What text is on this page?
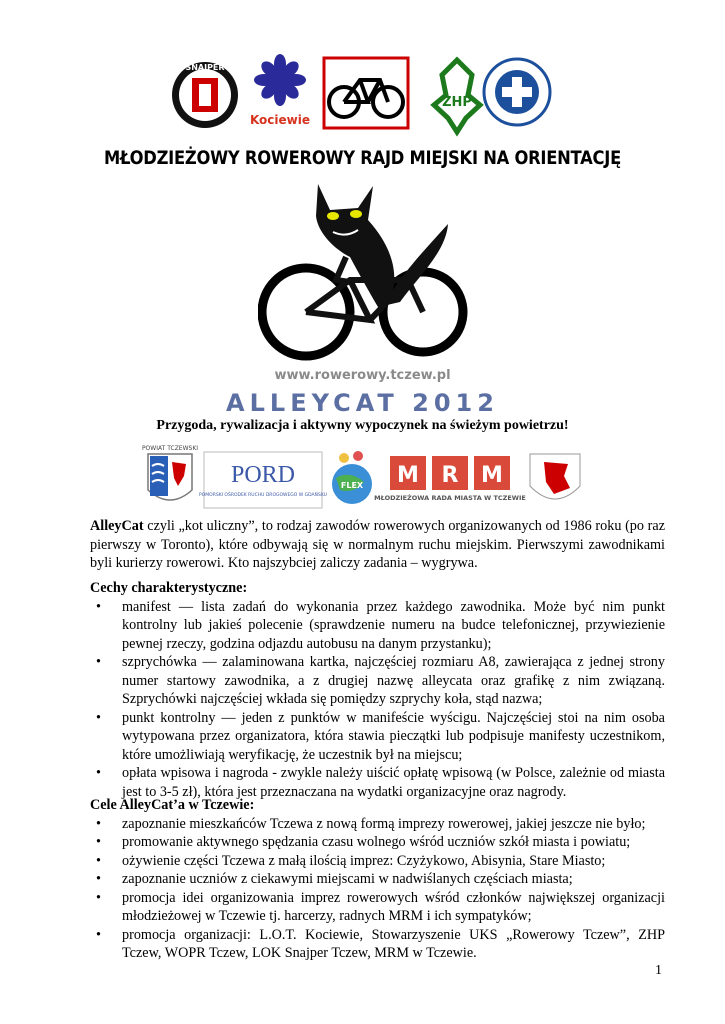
SNAJPER
Kociewie
ZHP
MŁODZIEŻOWY ROWEROWY RAJD MIEJSKI NA ORIENTACJĘ
www.rowerowy.tczew.pl
ALLEYCAT 2012
Przygoda, rywalizacja i aktywny wypoczynek na świeżym powietrzu!
POWIAT TCZEWSKI
PORD
POMORSKI OŚRODEK RUCHU DROGOWEGO W GDAŃSKU
FLEX M R M
MŁODZIEŻOWA RADA MIASTA W TCZEWIE
AlleyCat czyli „kot uliczny”, to rodzaj zawodów rowerowych organizowanych od 1986 roku (po raz pierwszy w Toronto), które odbywają się w normalnym ruchu miejskim. Pierwszymi zawodnikami byli kurierzy rowerowi. Kto najszybciej zaliczy zadania – wygrywa.
Cechy charakterystyczne:
• manifest — lista zadań do wykonania przez każdego zawodnika. Może być nim punkt kontrolny lub jakieś polecenie (sprawdzenie numeru na budce telefonicznej, przywiezienie pewnej rzeczy, godzina odjazdu autobusu na danym przystanku);
• szprychówka — zalaminowana kartka, najczęściej rozmiaru A8, zawierająca z jednej strony numer startowy zawodnika, a z drugiej nazwę alleycata oraz grafikę z nim związaną. Szprychówki najczęściej wkłada się pomiędzy szprychy koła, stąd nazwa;
• punkt kontrolny — jeden z punktów w manifeście wyścigu. Najczęściej stoi na nim osoba wytypowana przez organizatora, która stawia pieczątki lub podpisuje manifesty uczestnikom, które umożliwiają weryfikację, że uczestnik był na miejscu;
• opłata wpisowa i nagroda - zwykle należy uiścić opłatę wpisową (w Polsce, zależnie od miasta jest to 3-5 zł), która jest przeznaczana na wydatki organizacyjne oraz nagrody.
Cele AlleyCat’a w Tczewie:
• zapoznanie mieszkańców Tczewa z nową formą imprezy rowerowej, jakiej jeszcze nie było;
• promowanie aktywnego spędzania czasu wolnego wśród uczniów szkół miasta i powiatu;
• ożywienie części Tczewa z małą ilością imprez: Czyżykowo, Abisynia, Stare Miasto;
• zapoznanie uczniów z ciekawymi miejscami w nadwiślanych częściach miasta;
• promocja idei organizowania imprez rowerowych wśród członków największej organizacji młodzieżowej w Tczewie tj. harcerzy, radnych MRM i ich sympatyków;
• promocja organizacji: L.O.T. Kociewie, Stowarzyszenie UKS „Rowerowy Tczew”, ZHP Tczew, WOPR Tczew, LOK Snajper Tczew, MRM w Tczewie.
1
